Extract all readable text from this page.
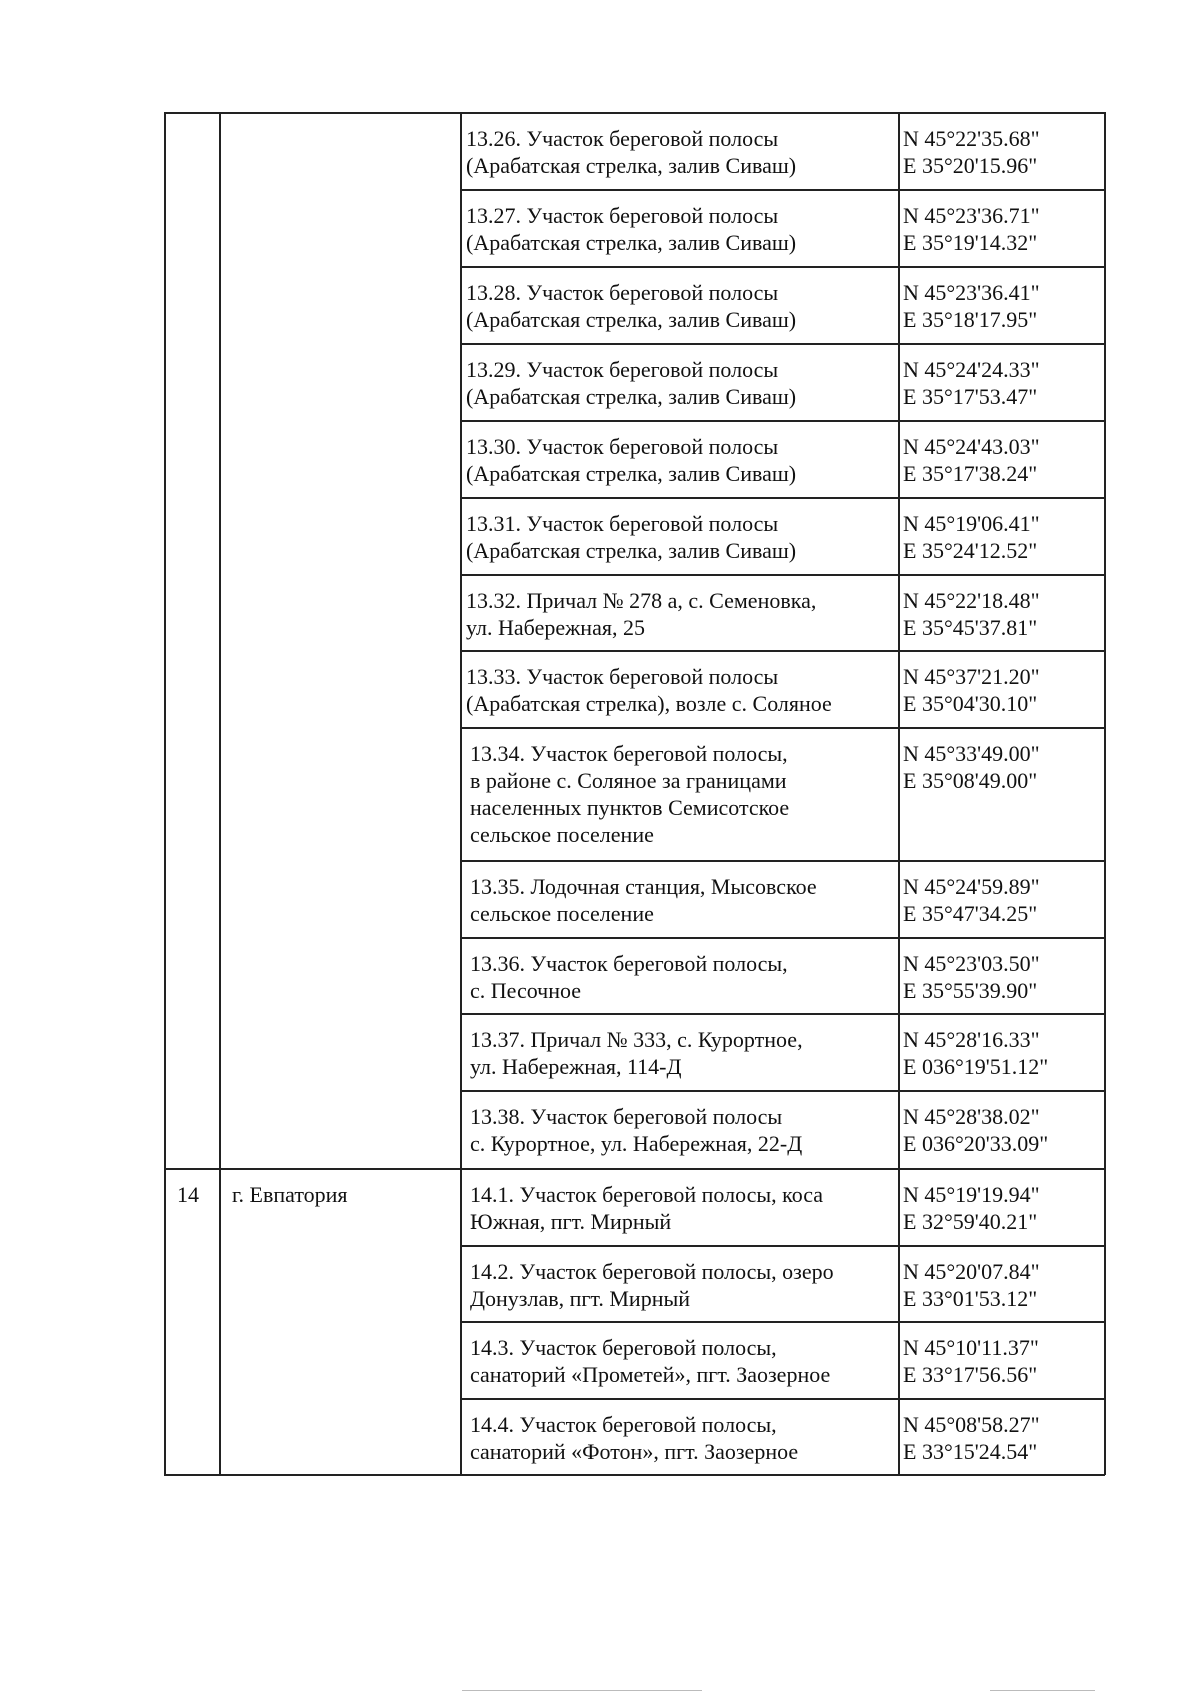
13.26. Участок береговой полосы
(Арабатская стрелка, залив Сиваш)
N 45°22'35.68"
E 35°20'15.96"
13.27. Участок береговой полосы
(Арабатская стрелка, залив Сиваш)
N 45°23'36.71"
E 35°19'14.32"
13.28. Участок береговой полосы
(Арабатская стрелка, залив Сиваш)
N 45°23'36.41"
E 35°18'17.95"
13.29. Участок береговой полосы
(Арабатская стрелка, залив Сиваш)
N 45°24'24.33"
E 35°17'53.47"
13.30. Участок береговой полосы
(Арабатская стрелка, залив Сиваш)
N 45°24'43.03"
E 35°17'38.24"
13.31. Участок береговой полосы
(Арабатская стрелка, залив Сиваш)
N 45°19'06.41"
E 35°24'12.52"
13.32. Причал № 278 а, с. Семеновка,
ул. Набережная, 25
N 45°22'18.48"
E 35°45'37.81"
13.33. Участок береговой полосы
(Арабатская стрелка), возле с. Соляное
N 45°37'21.20"
E 35°04'30.10"
13.34. Участок береговой полосы,
в районе с. Соляное за границами
населенных пунктов Семисотское
сельское поселение
N 45°33'49.00"
E 35°08'49.00"
13.35. Лодочная станция, Мысовское
сельское поселение
N 45°24'59.89"
E 35°47'34.25"
13.36. Участок береговой полосы,
с. Песочное
N 45°23'03.50"
E 35°55'39.90"
13.37. Причал № 333, с. Курортное,
ул. Набережная, 114-Д
N 45°28'16.33"
E 036°19'51.12"
13.38. Участок береговой полосы
с. Курортное, ул. Набережная, 22-Д
N 45°28'38.02"
E 036°20'33.09"
14 г. Евпатория	14.1. Участок береговой полосы, коса
Южная, пгт. Мирный
N 45°19'19.94"
E 32°59'40.21"
14.2. Участок береговой полосы, озеро
Донузлав, пгт. Мирный
N 45°20'07.84"
E 33°01'53.12"
14.3. Участок береговой полосы,
санаторий «Прометей», пгт. Заозерное
N 45°10'11.37"
E 33°17'56.56"
14.4. Участок береговой полосы,
санаторий «Фотон», пгт. Заозерное
N 45°08'58.27"
E 33°15'24.54"
